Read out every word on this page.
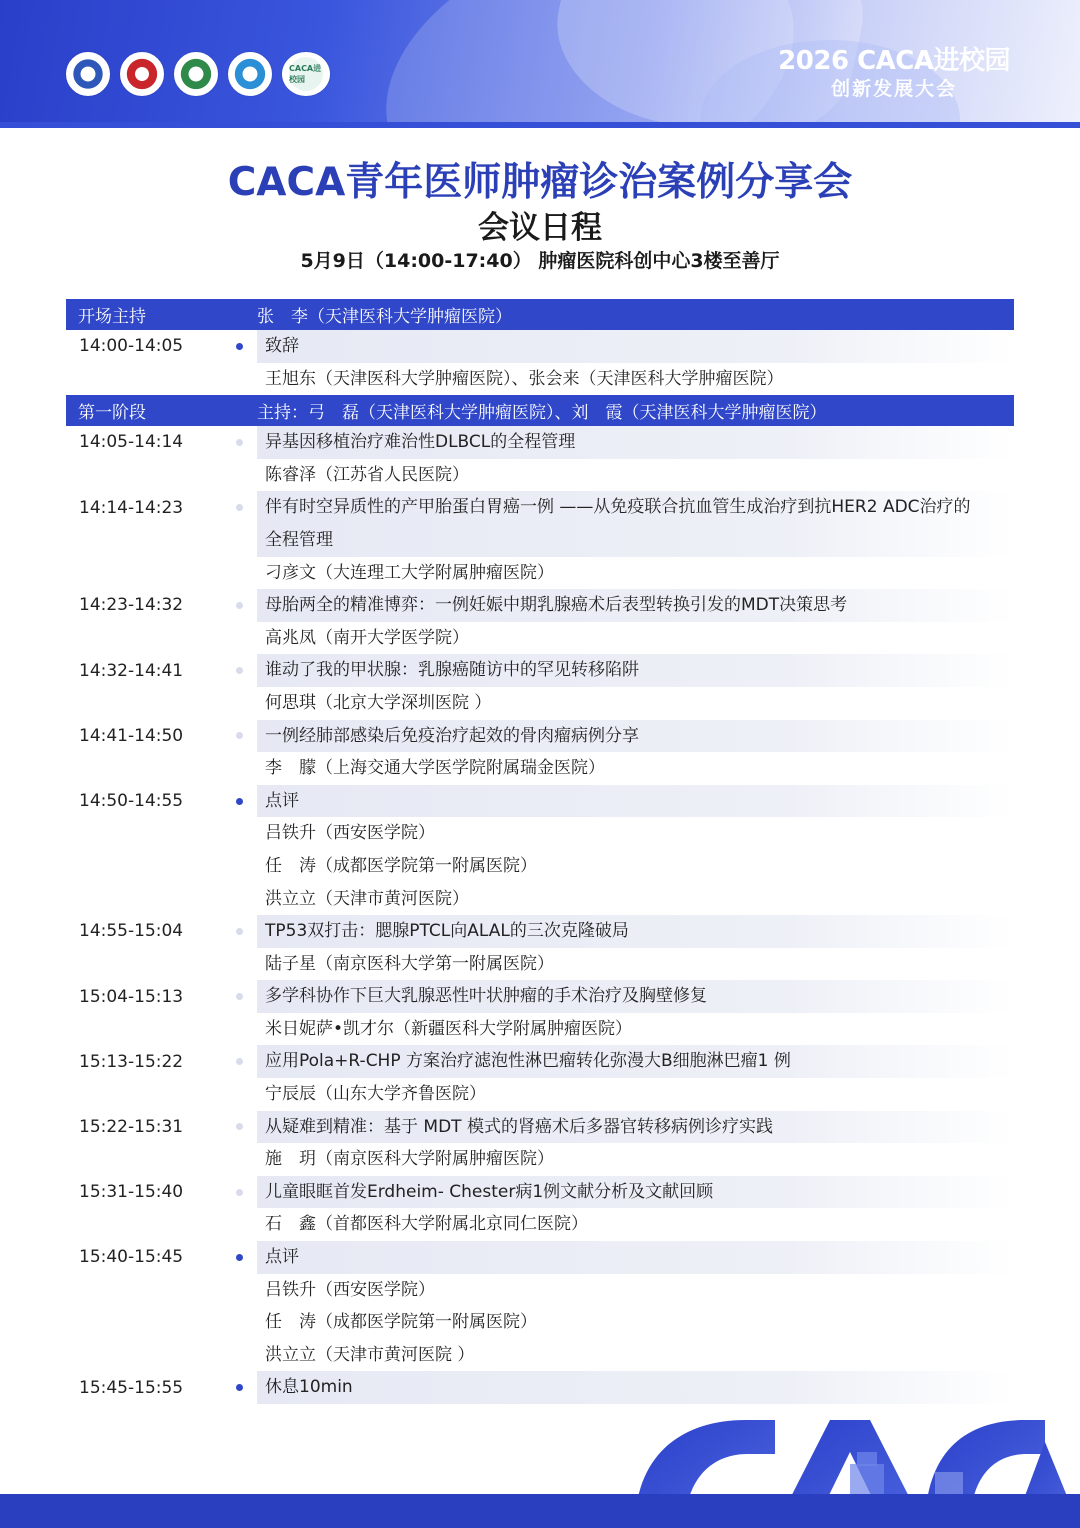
CACA进校园
2026 CACA进校园
创新发展大会
CACA青年医师肿瘤诊治案例分享会
会议日程
5月9日（14:00-17:40） 肿瘤医院科创中心3楼至善厅
开场主持	张　李（天津医科大学肿瘤医院）
14:00-14:05	致辞
王旭东（天津医科大学肿瘤医院）、张会来（天津医科大学肿瘤医院）
第一阶段	主持：弓　磊（天津医科大学肿瘤医院）、刘　霞（天津医科大学肿瘤医院）
14:05-14:14	异基因移植治疗难治性DLBCL的全程管理
陈睿泽（江苏省人民医院）
14:14-14:23	伴有时空异质性的产甲胎蛋白胃癌一例 ——从免疫联合抗血管生成治疗到抗HER2 ADC治疗的
全程管理
刁彦文（大连理工大学附属肿瘤医院）
14:23-14:32	母胎两全的精准博弈：一例妊娠中期乳腺癌术后表型转换引发的MDT决策思考
高兆凤（南开大学医学院）
14:32-14:41	谁动了我的甲状腺：乳腺癌随访中的罕见转移陷阱
何思琪（北京大学深圳医院 ）
14:41-14:50	一例经肺部感染后免疫治疗起效的骨肉瘤病例分享
李　朦（上海交通大学医学院附属瑞金医院）
14:50-14:55	点评
吕铁升（西安医学院）
任　涛（成都医学院第一附属医院）
洪立立（天津市黄河医院）
14:55-15:04	TP53双打击：腮腺PTCL向ALAL的三次克隆破局
陆子星（南京医科大学第一附属医院）
15:04-15:13	多学科协作下巨大乳腺恶性叶状肿瘤的手术治疗及胸壁修复
米日妮萨•凯才尔（新疆医科大学附属肿瘤医院）
15:13-15:22	应用Pola+R-CHP 方案治疗滤泡性淋巴瘤转化弥漫大B细胞淋巴瘤1 例
宁辰辰（山东大学齐鲁医院）
15:22-15:31	从疑难到精准：基于 MDT 模式的肾癌术后多器官转移病例诊疗实践
施　玥（南京医科大学附属肿瘤医院）
15:31-15:40	儿童眼眶首发Erdheim- Chester病1例文献分析及文献回顾
石　鑫（首都医科大学附属北京同仁医院）
15:40-15:45	点评
吕铁升（西安医学院）
任　涛（成都医学院第一附属医院）
洪立立（天津市黄河医院 ）
15:45-15:55	休息10min
